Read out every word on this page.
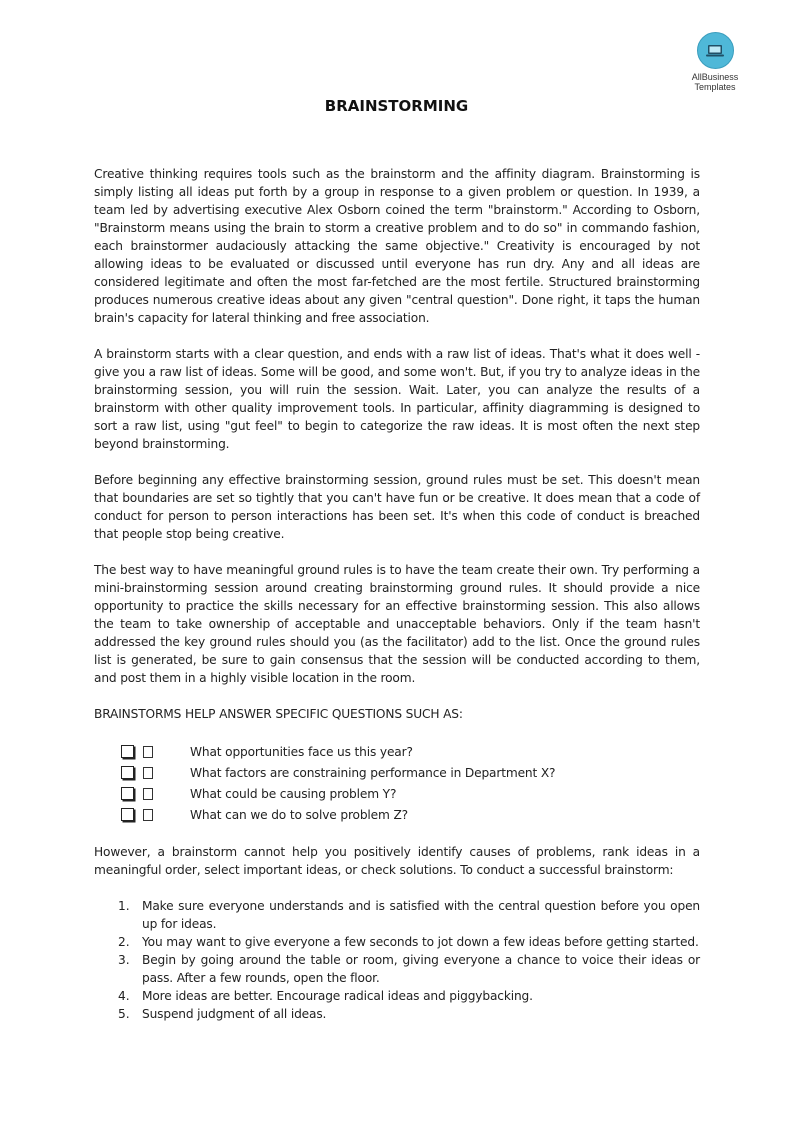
AllBusiness
Templates
BRAINSTORMING

Creative thinking requires tools such as the brainstorm and the affinity diagram. Brainstorming is simply listing all ideas put forth by a group in response to a given problem or question. In 1939, a team led by advertising executive Alex Osborn coined the term "brainstorm." According to Osborn, "Brainstorm means using the brain to storm a creative problem and to do so" in commando fashion, each brainstormer audaciously attacking the same objective." Creativity is encouraged by not allowing ideas to be evaluated or discussed until everyone has run dry. Any and all ideas are considered legitimate and often the most far-fetched are the most fertile. Structured brainstorming produces numerous creative ideas about any given "central question". Done right, it taps the human brain's capacity for lateral thinking and free association.

A brainstorm starts with a clear question, and ends with a raw list of ideas. That's what it does well - give you a raw list of ideas. Some will be good, and some won't. But, if you try to analyze ideas in the brainstorming session, you will ruin the session. Wait. Later, you can analyze the results of a brainstorm with other quality improvement tools. In particular, affinity diagramming is designed to sort a raw list, using "gut feel" to begin to categorize the raw ideas. It is most often the next step beyond brainstorming.

Before beginning any effective brainstorming session, ground rules must be set. This doesn't mean that boundaries are set so tightly that you can't have fun or be creative. It does mean that a code of conduct for person to person interactions has been set. It's when this code of conduct is breached that people stop being creative.

The best way to have meaningful ground rules is to have the team create their own. Try performing a mini-brainstorming session around creating brainstorming ground rules. It should provide a nice opportunity to practice the skills necessary for an effective brainstorming session. This also allows the team to take ownership of acceptable and unacceptable behaviors. Only if the team hasn't addressed the key ground rules should you (as the facilitator) add to the list. Once the ground rules list is generated, be sure to gain consensus that the session will be conducted according to them, and post them in a highly visible location in the room.

BRAINSTORMS HELP ANSWER SPECIFIC QUESTIONS SUCH AS:

What opportunities face us this year?
What factors are constraining performance in Department X?
What could be causing problem Y?
What can we do to solve problem Z?

However, a brainstorm cannot help you positively identify causes of problems, rank ideas in a meaningful order, select important ideas, or check solutions. To conduct a successful brainstorm:

1.	Make sure everyone understands and is satisfied with the central question before you open up for ideas.
2.	You may want to give everyone a few seconds to jot down a few ideas before getting started.
3.	Begin by going around the table or room, giving everyone a chance to voice their ideas or pass. After a few rounds, open the floor.
4.	More ideas are better. Encourage radical ideas and piggybacking.
5.	Suspend judgment of all ideas.
